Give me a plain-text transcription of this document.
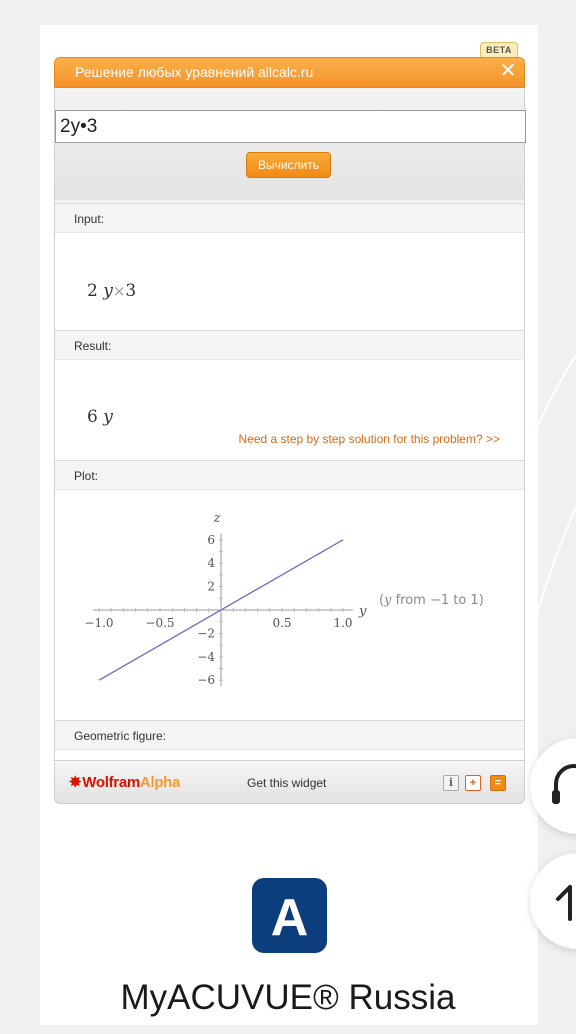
BETA
Решение любых уравнений allcalc.ru	✕
2y•3
Вычислить
Input:
2 y×3
Result:
6 y
Need a step by step solution for this problem? >>
Plot:
−1.0	−0.5	0.5	1.0
6
4
2
−2
−4
−6
y
z
(y from −1 to 1)
Geometric figure:
✸WolframAlpha	Get this widget	i	+	=
A
MyACUVUE® Russia
